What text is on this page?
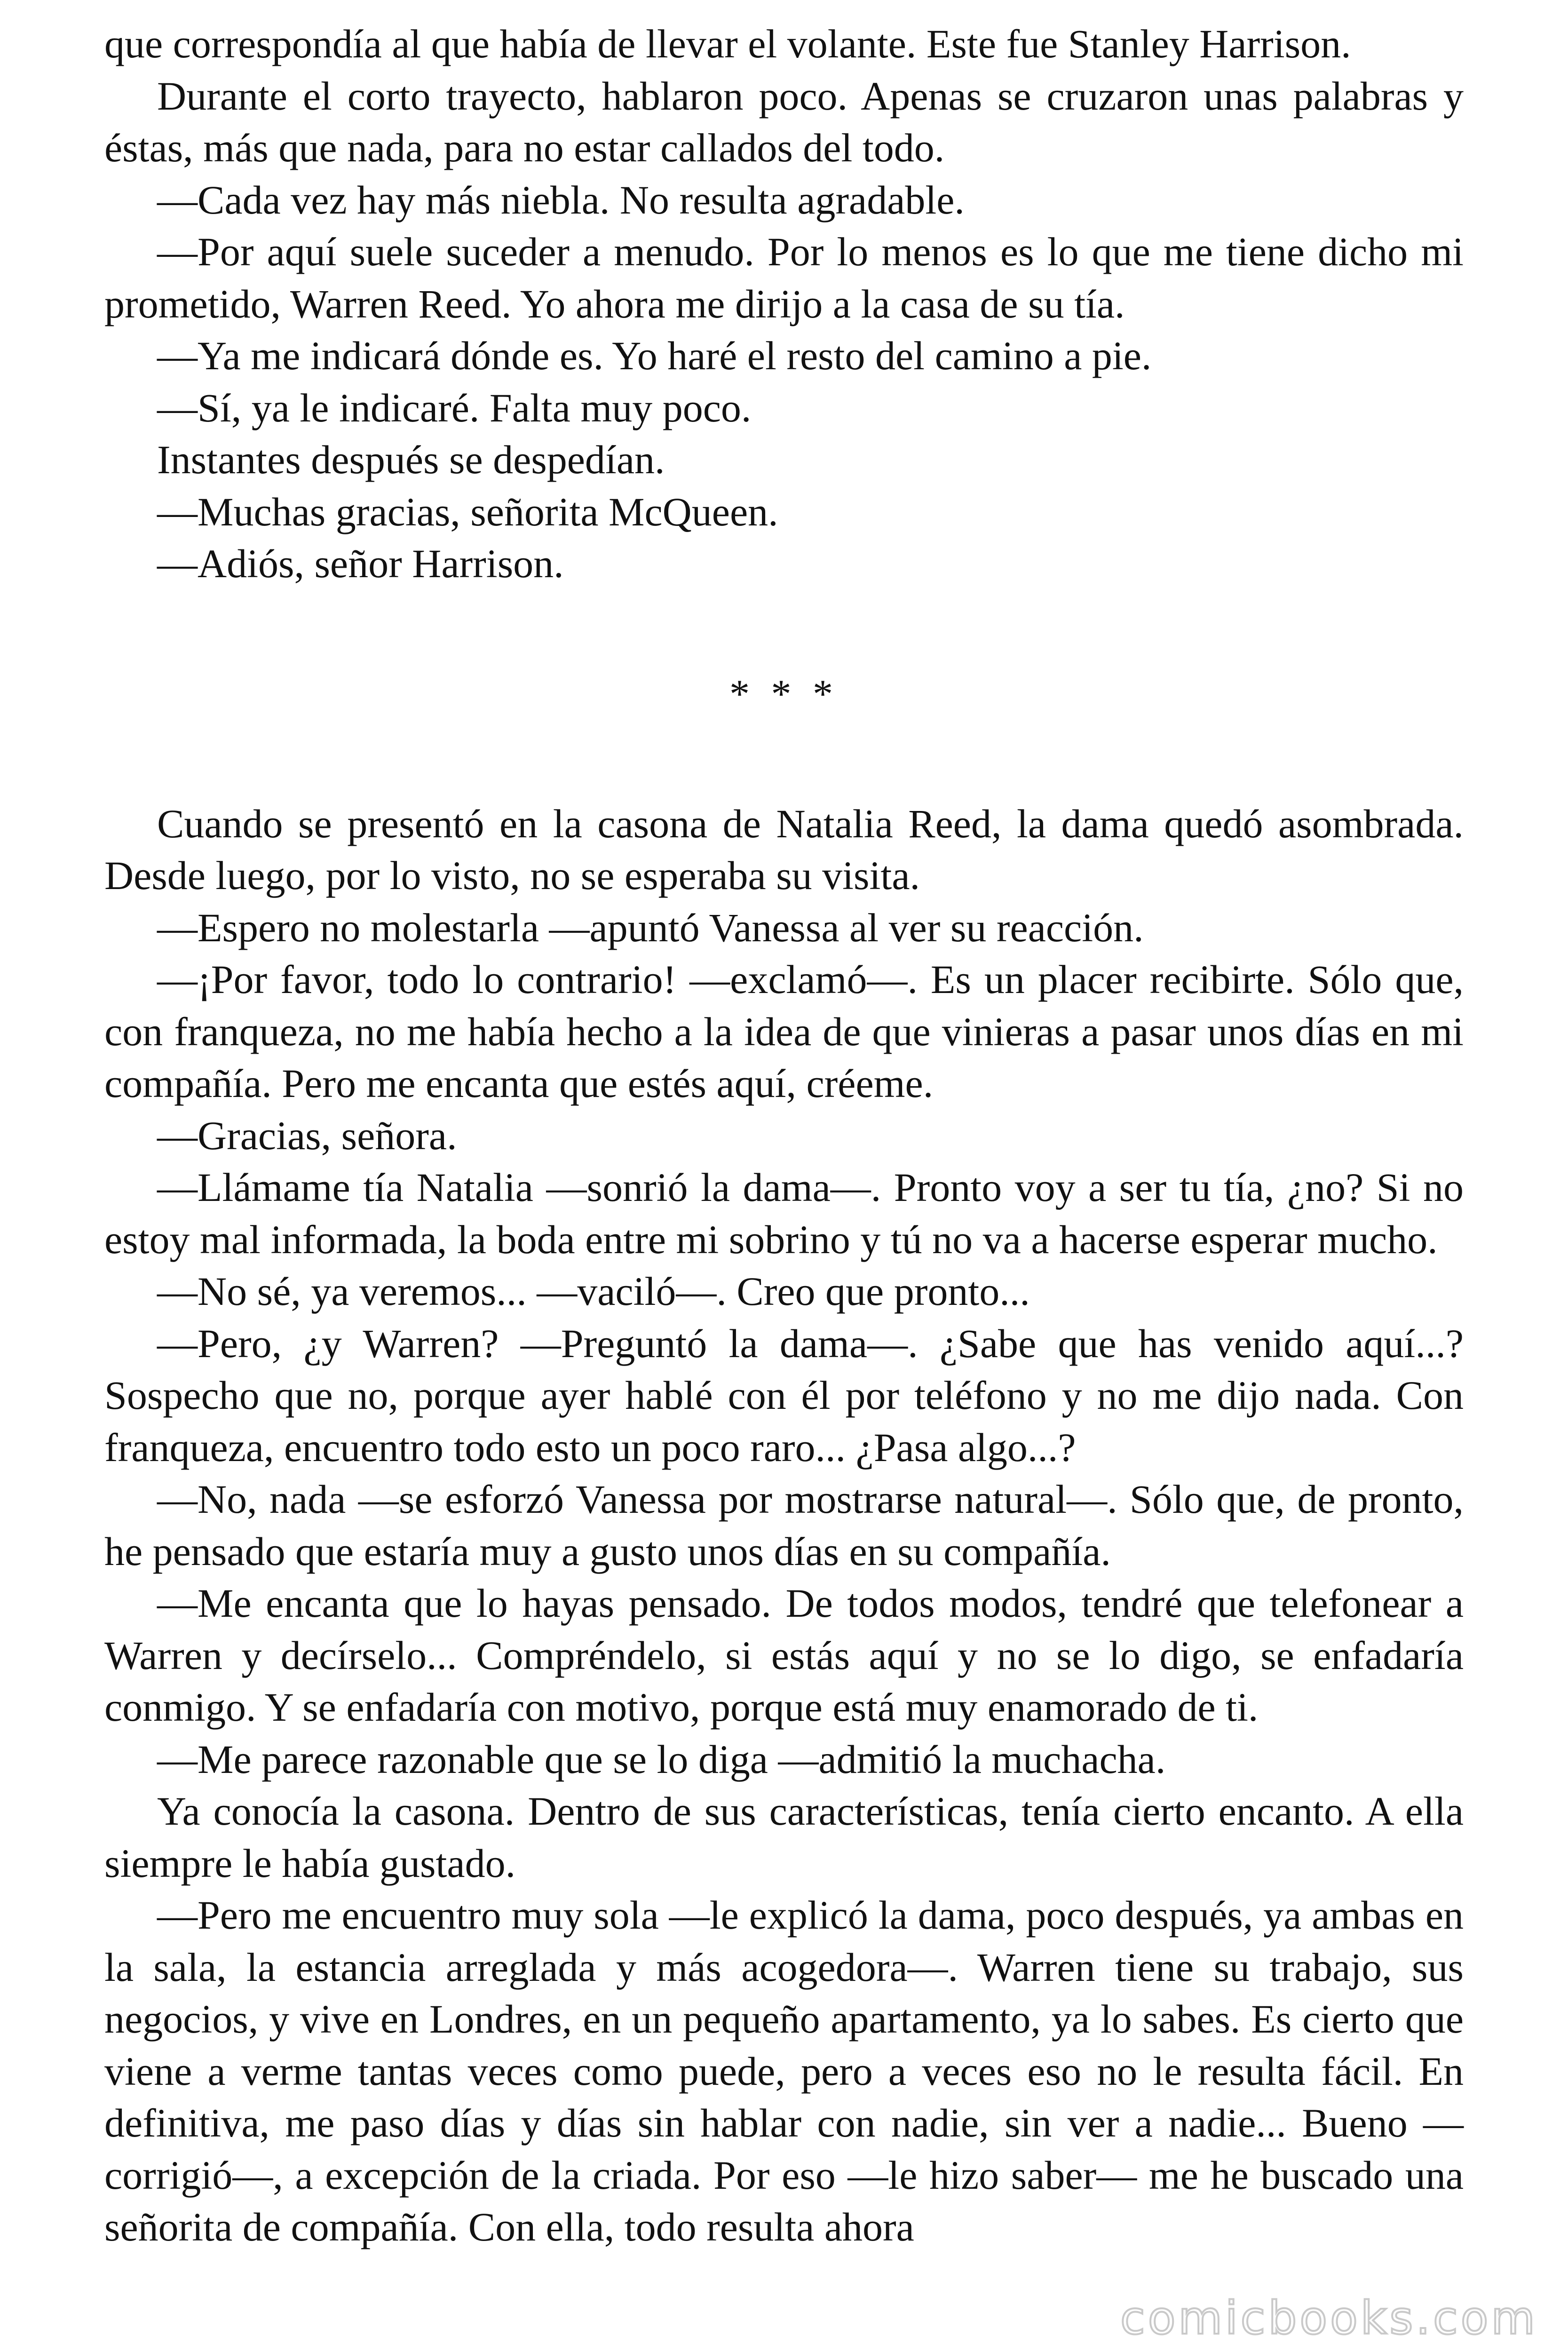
que correspondía al que había de llevar el volante. Este fue Stanley Harrison.

Durante el corto trayecto, hablaron poco. Apenas se cruzaron unas palabras y éstas, más que nada, para no estar callados del todo.

—Cada vez hay más niebla. No resulta agradable.

—Por aquí suele suceder a menudo. Por lo menos es lo que me tiene dicho mi prometido, Warren Reed. Yo ahora me dirijo a la casa de su tía.

—Ya me indicará dónde es. Yo haré el resto del camino a pie.

—Sí, ya le indicaré. Falta muy poco.

Instantes después se despedían.

—Muchas gracias, señorita McQueen.

—Adiós, señor Harrison.

* * *

Cuando se presentó en la casona de Natalia Reed, la dama quedó asombrada. Desde luego, por lo visto, no se esperaba su visita.

—Espero no molestarla —apuntó Vanessa al ver su reacción.

—¡Por favor, todo lo contrario! —exclamó—. Es un placer recibirte. Sólo que, con franqueza, no me había hecho a la idea de que vinieras a pasar unos días en mi compañía. Pero me encanta que estés aquí, créeme.

—Gracias, señora.

—Llámame tía Natalia —sonrió la dama—. Pronto voy a ser tu tía, ¿no? Si no estoy mal informada, la boda entre mi sobrino y tú no va a hacerse esperar mucho.

—No sé, ya veremos... —vaciló—. Creo que pronto...

—Pero, ¿y Warren? —Preguntó la dama—. ¿Sabe que has venido aquí...? Sospecho que no, porque ayer hablé con él por teléfono y no me dijo nada. Con franqueza, encuentro todo esto un poco raro... ¿Pasa algo...?

—No, nada —se esforzó Vanessa por mostrarse natural—. Sólo que, de pronto, he pensado que estaría muy a gusto unos días en su compañía.

—Me encanta que lo hayas pensado. De todos modos, tendré que telefonear a Warren y decírselo... Compréndelo, si estás aquí y no se lo digo, se enfadaría conmigo. Y se enfadaría con motivo, porque está muy enamorado de ti.

—Me parece razonable que se lo diga —admitió la muchacha.

Ya conocía la casona. Dentro de sus características, tenía cierto encanto. A ella siempre le había gustado.

—Pero me encuentro muy sola —le explicó la dama, poco después, ya ambas en la sala, la estancia arreglada y más acogedora—. Warren tiene su trabajo, sus negocios, y vive en Londres, en un pequeño apartamento, ya lo sabes. Es cierto que viene a verme tantas veces como puede, pero a veces eso no le resulta fácil. En definitiva, me paso días y días sin hablar con nadie, sin ver a nadie... Bueno —corrigió—, a excepción de la criada. Por eso —le hizo saber— me he buscado una señorita de compañía. Con ella, todo resulta ahora

comicbooks.com
